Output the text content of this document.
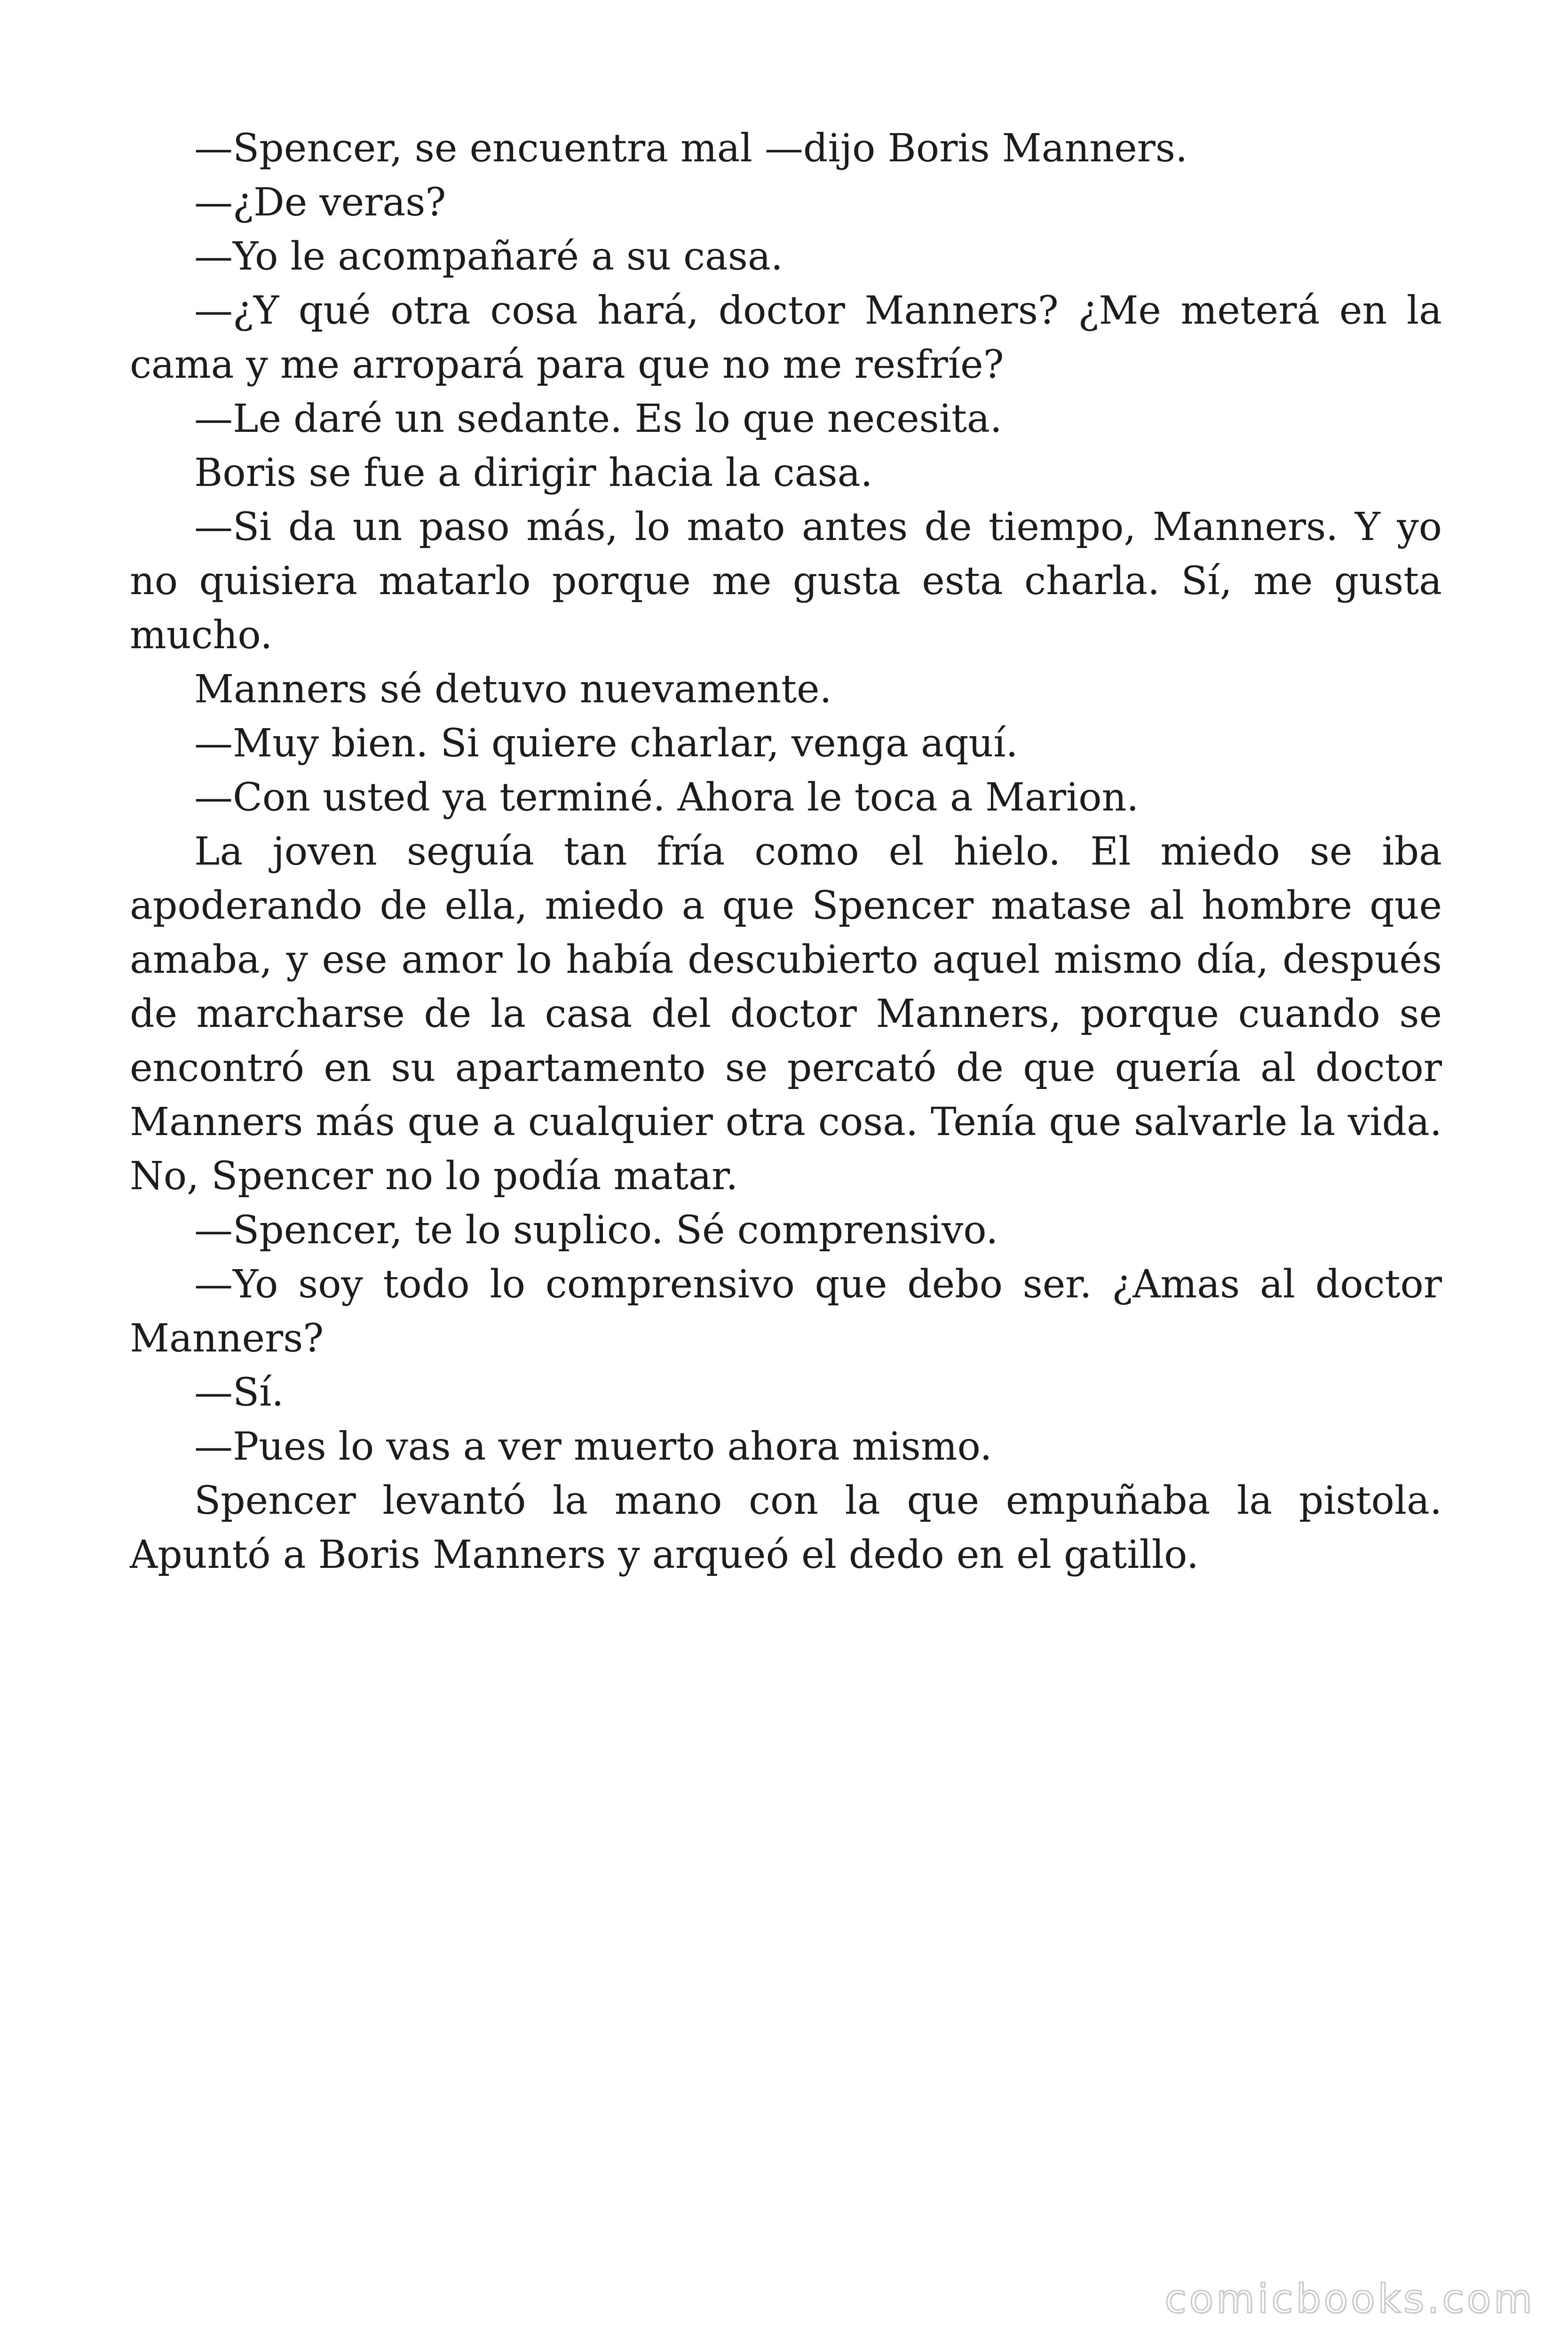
—Spencer, se encuentra mal —dijo Boris Manners.

—¿De veras?

—Yo le acompañaré a su casa.

—¿Y qué otra cosa hará, doctor Manners? ¿Me meterá en la cama y me arropará para que no me resfríe?

—Le daré un sedante. Es lo que necesita.

Boris se fue a dirigir hacia la casa.

—Si da un paso más, lo mato antes de tiempo, Manners. Y yo no quisiera matarlo porque me gusta esta charla. Sí, me gusta mucho.

Manners sé detuvo nuevamente.

—Muy bien. Si quiere charlar, venga aquí.

—Con usted ya terminé. Ahora le toca a Marion.

La joven seguía tan fría como el hielo. El miedo se iba apoderando de ella, miedo a que Spencer matase al hombre que amaba, y ese amor lo había descubierto aquel mismo día, después de marcharse de la casa del doctor Manners, porque cuando se encontró en su apartamento se percató de que quería al doctor Manners más que a cualquier otra cosa. Tenía que salvarle la vida. No, Spencer no lo podía matar.

—Spencer, te lo suplico. Sé comprensivo.

—Yo soy todo lo comprensivo que debo ser. ¿Amas al doctor Manners?

—Sí.

—Pues lo vas a ver muerto ahora mismo.

Spencer levantó la mano con la que empuñaba la pistola. Apuntó a Boris Manners y arqueó el dedo en el gatillo.

comicbooks.com
